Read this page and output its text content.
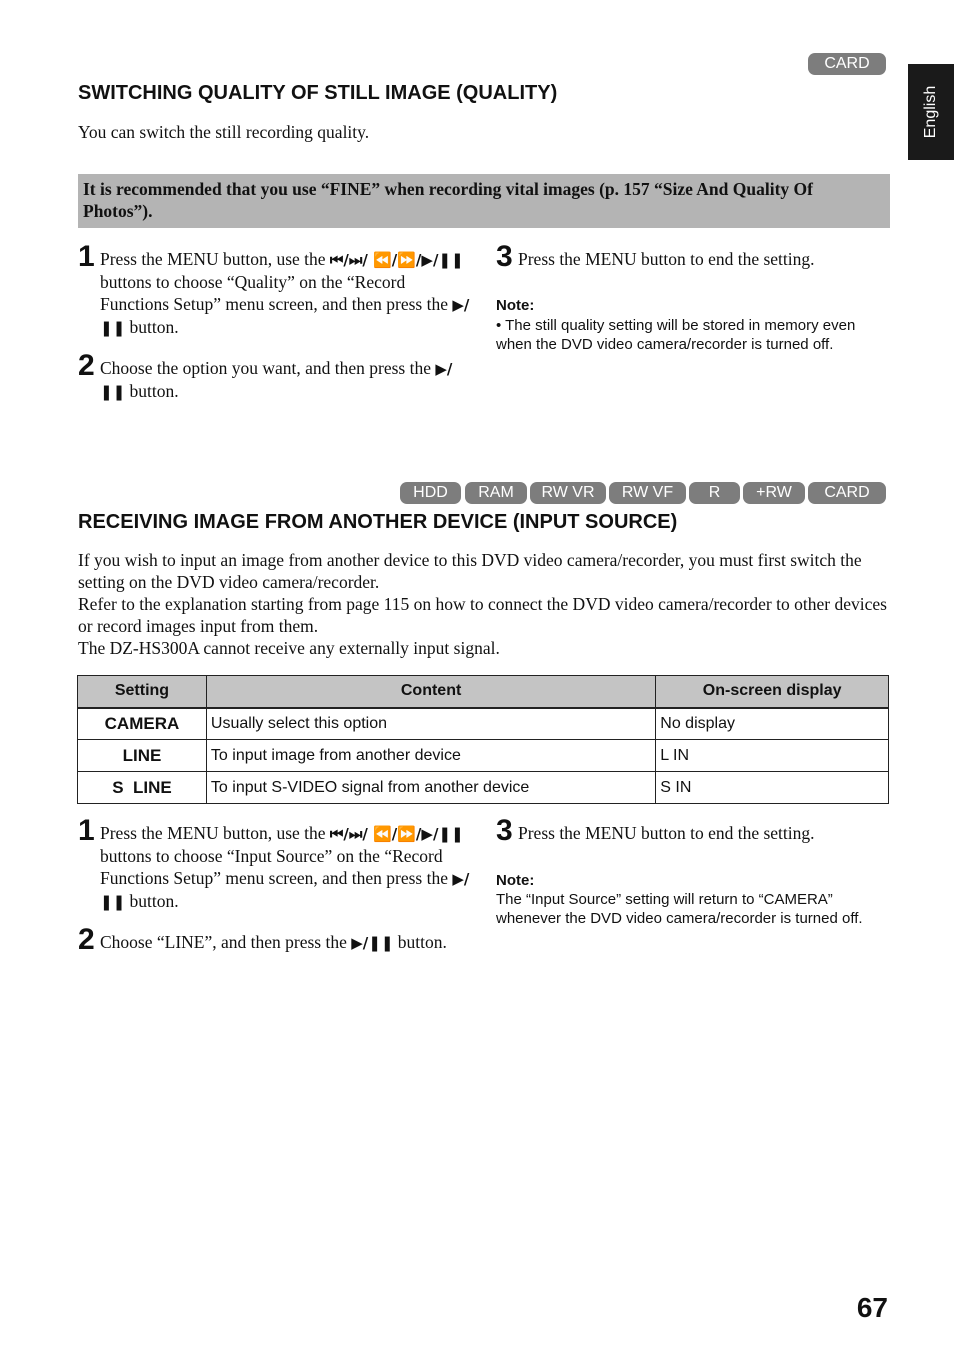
English
CARD
SWITCHING QUALITY OF STILL IMAGE (QUALITY)
You can switch the still recording quality.
It is recommended that you use “FINE” when recording vital images (p. 157 “Size And Quality Of Photos”).
1 Press the MENU button, use the ⏮/⏭/ ⏪/⏩/▶/❚❚ buttons to choose “Quality” on the “Record Functions Setup” menu screen, and then press the ▶/❚❚ button.
2 Choose the option you want, and then press the ▶/❚❚ button.
3 Press the MENU button to end the setting.
Note:
• The still quality setting will be stored in memory even when the DVD video camera/recorder is turned off.
HDD	RAM	RW VR	RW VF	R	+RW	CARD
RECEIVING IMAGE FROM ANOTHER DEVICE (INPUT SOURCE)
If you wish to input an image from another device to this DVD video camera/recorder, you must first switch the setting on the DVD video camera/recorder.
Refer to the explanation starting from page 115 on how to connect the DVD video camera/recorder to other devices or record images input from them.
The DZ-HS300A cannot receive any externally input signal.
Setting	Content	On-screen display
CAMERA	Usually select this option	No display
LINE	To input image from another device	L IN
S  LINE	To input S-VIDEO signal from another device	S IN
1 Press the MENU button, use the ⏮/⏭/ ⏪/⏩/▶/❚❚ buttons to choose “Input Source” on the “Record Functions Setup” menu screen, and then press the ▶/❚❚ button.
2 Choose “LINE”, and then press the ▶/❚❚ button.
3 Press the MENU button to end the setting.
Note:
The “Input Source” setting will return to “CAMERA” whenever the DVD video camera/recorder is turned off.
67
